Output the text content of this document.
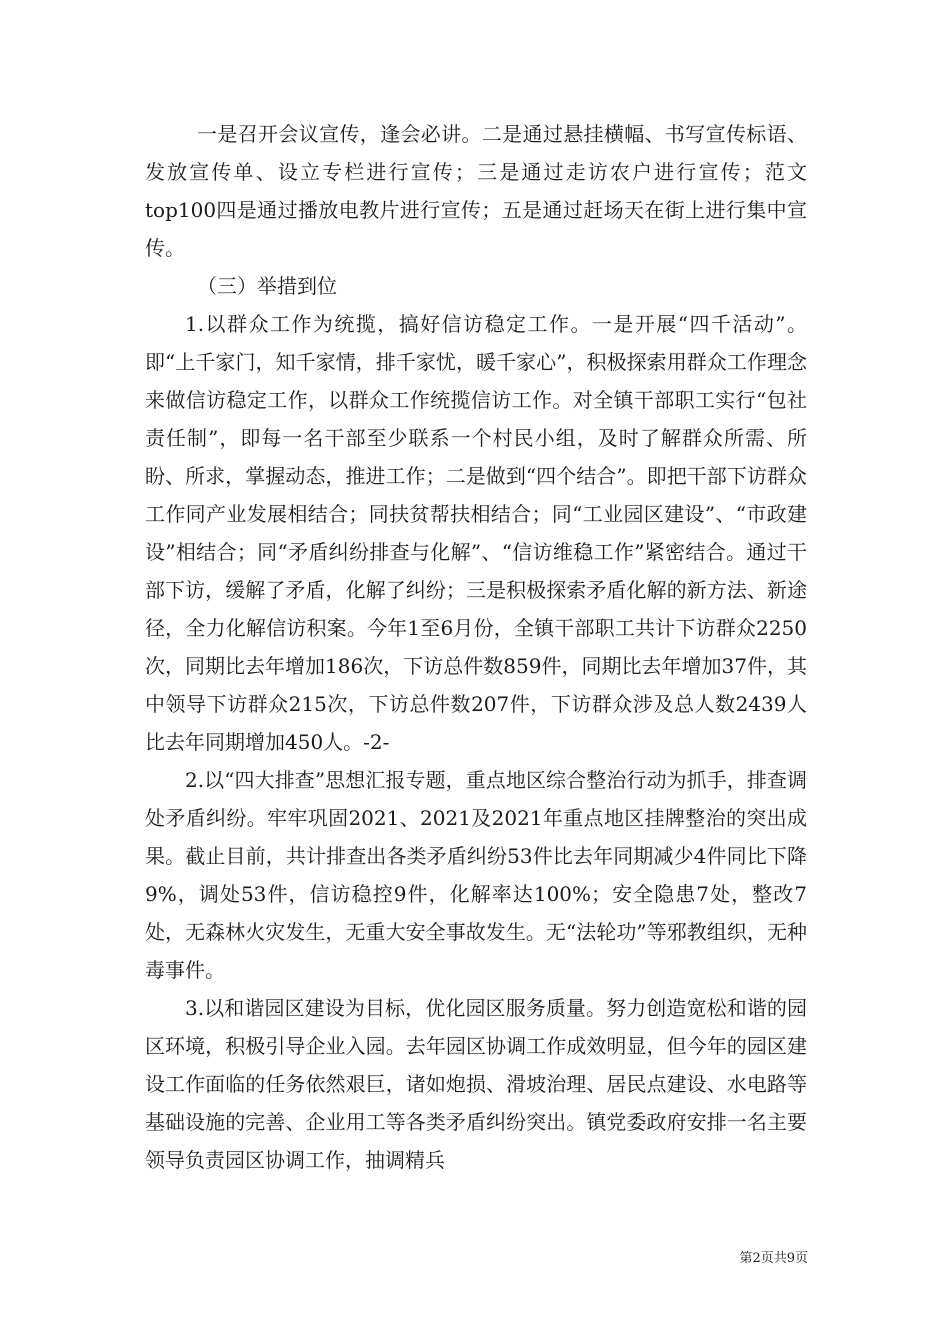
一是召开会议宣传，逢会必讲。二是通过悬挂横幅、书写宣传标语、发放宣传单、设立专栏进行宣传；三是通过走访农户进行宣传；范文top100四是通过播放电教片进行宣传；五是通过赶场天在街上进行集中宣传。

（三）举措到位

1.以群众工作为统揽，搞好信访稳定工作。一是开展“四千活动”。即“上千家门，知千家情，排千家忧，暖千家心”，积极探索用群众工作理念来做信访稳定工作，以群众工作统揽信访工作。对全镇干部职工实行“包社责任制”，即每一名干部至少联系一个村民小组，及时了解群众所需、所盼、所求，掌握动态，推进工作；二是做到“四个结合”。即把干部下访群众工作同产业发展相结合；同扶贫帮扶相结合；同“工业园区建设”、“市政建设”相结合；同“矛盾纠纷排查与化解”、“信访维稳工作”紧密结合。通过干部下访，缓解了矛盾，化解了纠纷；三是积极探索矛盾化解的新方法、新途径，全力化解信访积案。今年1至6月份，全镇干部职工共计下访群众2250次，同期比去年增加186次，下访总件数859件，同期比去年增加37件，其中领导下访群众215次，下访总件数207件，下访群众涉及总人数2439人比去年同期增加450人。-2-

2.以“四大排查”思想汇报专题，重点地区综合整治行动为抓手，排查调处矛盾纠纷。牢牢巩固2021、2021及2021年重点地区挂牌整治的突出成果。截止目前，共计排查出各类矛盾纠纷53件比去年同期减少4件同比下降9%，调处53件，信访稳控9件，化解率达100%；安全隐患7处，整改7处，无森林火灾发生，无重大安全事故发生。无“法轮功”等邪教组织，无种毒事件。

3.以和谐园区建设为目标，优化园区服务质量。努力创造宽松和谐的园区环境，积极引导企业入园。去年园区协调工作成效明显，但今年的园区建设工作面临的任务依然艰巨，诸如炮损、滑坡治理、居民点建设、水电路等基础设施的完善、企业用工等各类矛盾纠纷突出。镇党委政府安排一名主要领导负责园区协调工作，抽调精兵

第2页共9页
